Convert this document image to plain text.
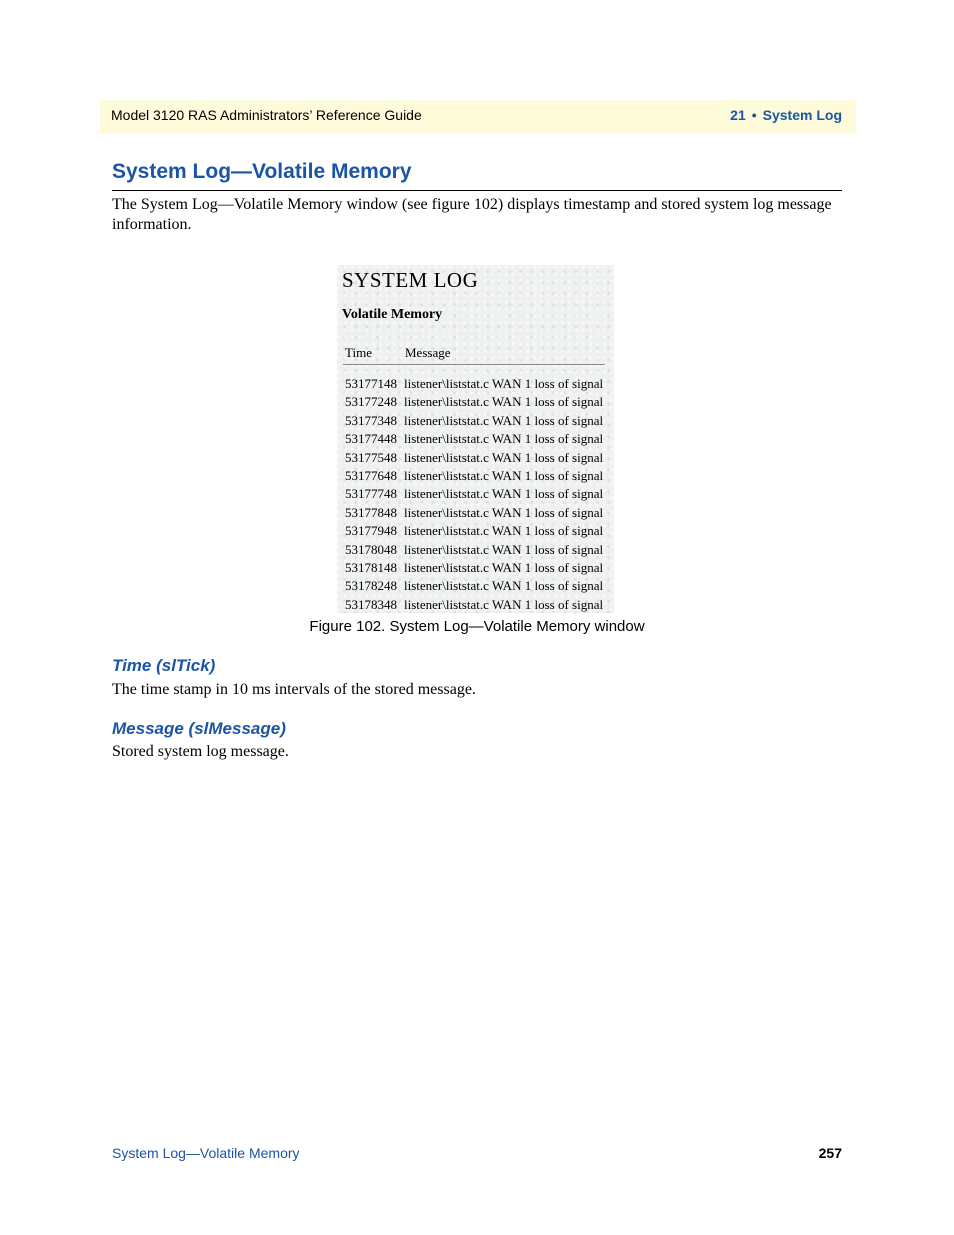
Model 3120 RAS Administrators’ Reference Guide	21 • System Log
System Log—Volatile Memory
The System Log—Volatile Memory window (see figure 102) displays timestamp and stored system log message information.
SYSTEM LOG
Volatile Memory
Time	Message
53177148 listener\liststat.c WAN 1 loss of signal
53177248 listener\liststat.c WAN 1 loss of signal
53177348 listener\liststat.c WAN 1 loss of signal
53177448 listener\liststat.c WAN 1 loss of signal
53177548 listener\liststat.c WAN 1 loss of signal
53177648 listener\liststat.c WAN 1 loss of signal
53177748 listener\liststat.c WAN 1 loss of signal
53177848 listener\liststat.c WAN 1 loss of signal
53177948 listener\liststat.c WAN 1 loss of signal
53178048 listener\liststat.c WAN 1 loss of signal
53178148 listener\liststat.c WAN 1 loss of signal
53178248 listener\liststat.c WAN 1 loss of signal
53178348 listener\liststat.c WAN 1 loss of signal
Figure 102. System Log—Volatile Memory window
Time (slTick)
The time stamp in 10 ms intervals of the stored message.
Message (slMessage)
Stored system log message.
System Log—Volatile Memory	257
